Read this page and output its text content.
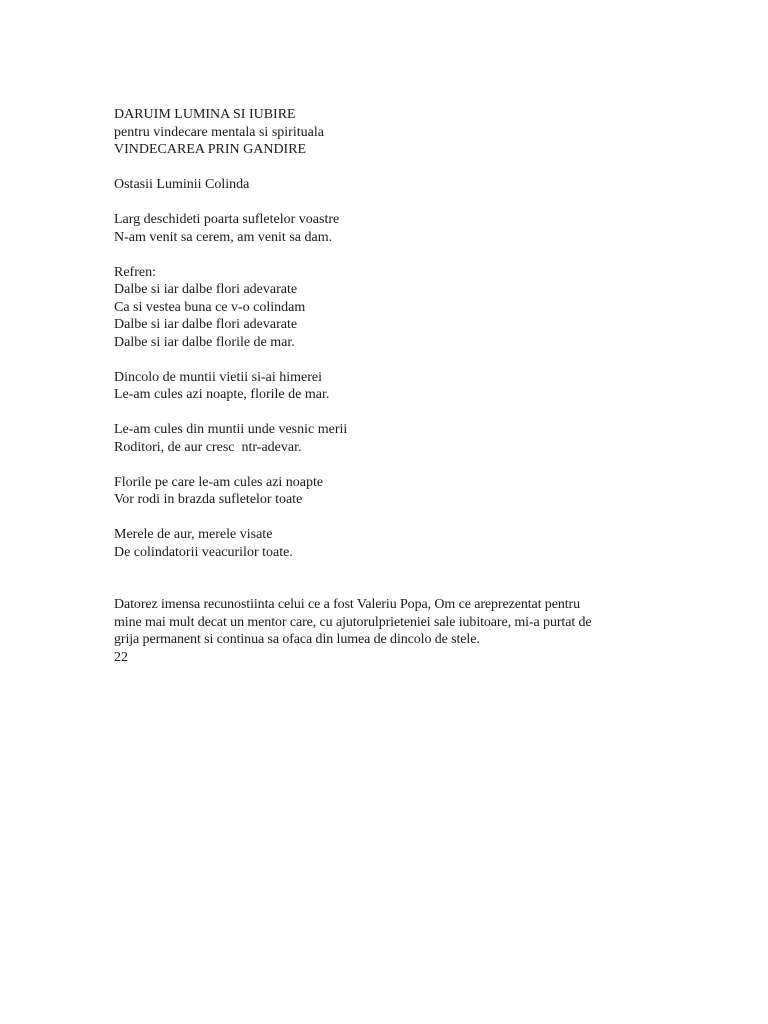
DARUIM LUMINA SI IUBIRE
pentru vindecare mentala si spirituala
VINDECAREA PRIN GANDIRE
Ostasii Luminii Colinda
Larg deschideti poarta sufletelor voastre
N-am venit sa cerem, am venit sa dam.
Refren:
Dalbe si iar dalbe flori adevarate
Ca si vestea buna ce v-o colindam
Dalbe si iar dalbe flori adevarate
Dalbe si iar dalbe florile de mar.
Dincolo de muntii vietii si-ai himerei
Le-am cules azi noapte, florile de mar.
Le-am cules din muntii unde vesnic merii
Roditori, de aur cresc  ntr-adevar.
Florile pe care le-am cules azi noapte
Vor rodi in brazda sufletelor toate
Merele de aur, merele visate
De colindatorii veacurilor toate.
Datorez imensa recunostiinta celui ce a fost Valeriu Popa, Om ce areprezentat pentru
mine mai mult decat un mentor care, cu ajutorulprieteniei sale iubitoare, mi-a purtat de
grija permanent si continua sa ofaca din lumea de dincolo de stele.
22
